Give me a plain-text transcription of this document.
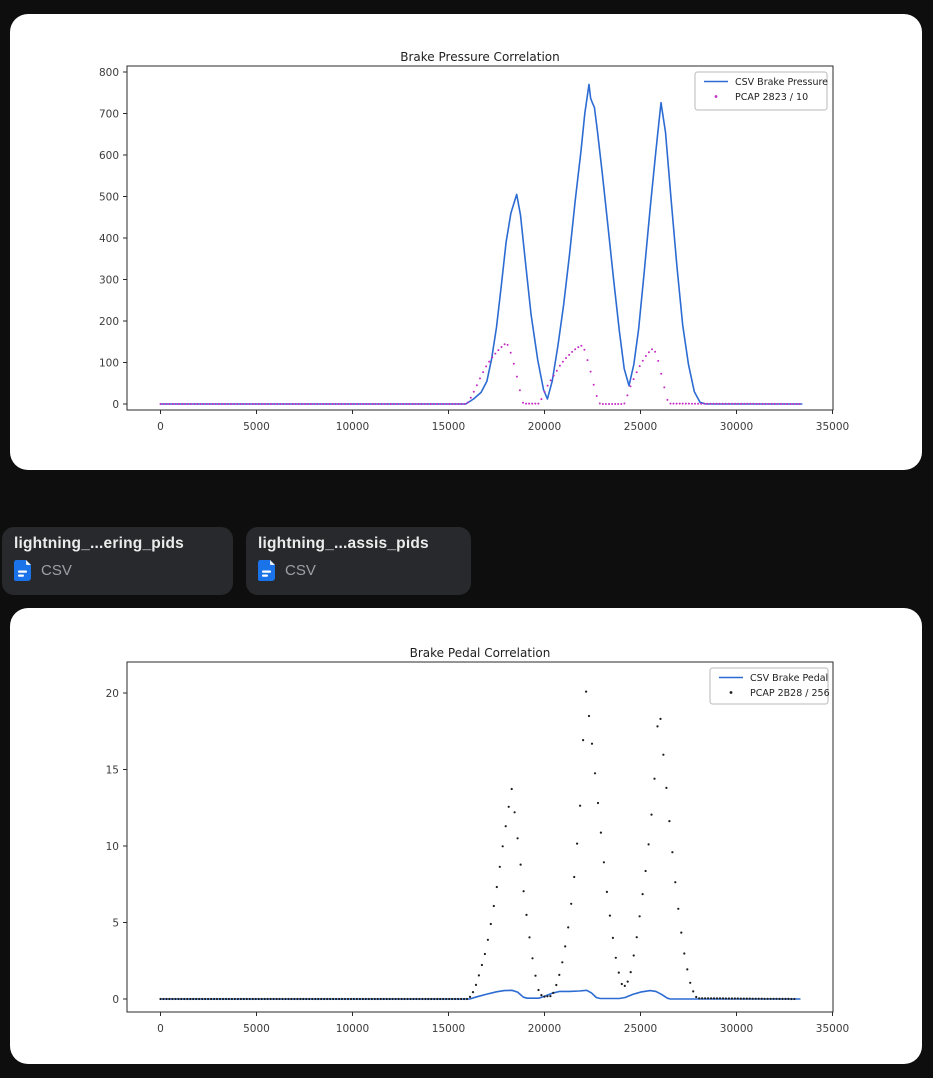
0	5000	10000	15000	20000	25000	30000	35000
0
100
200
300
400
500
600
700
800
Brake Pressure Correlation
CSV Brake Pressure
PCAP 2823 / 10
lightning_...ering_pids
CSV
lightning_...assis_pids
CSV
0	5000	10000	15000	20000	25000	30000	35000
0
5
10
15
20
Brake Pedal Correlation
CSV Brake Pedal
PCAP 2B28 / 256
